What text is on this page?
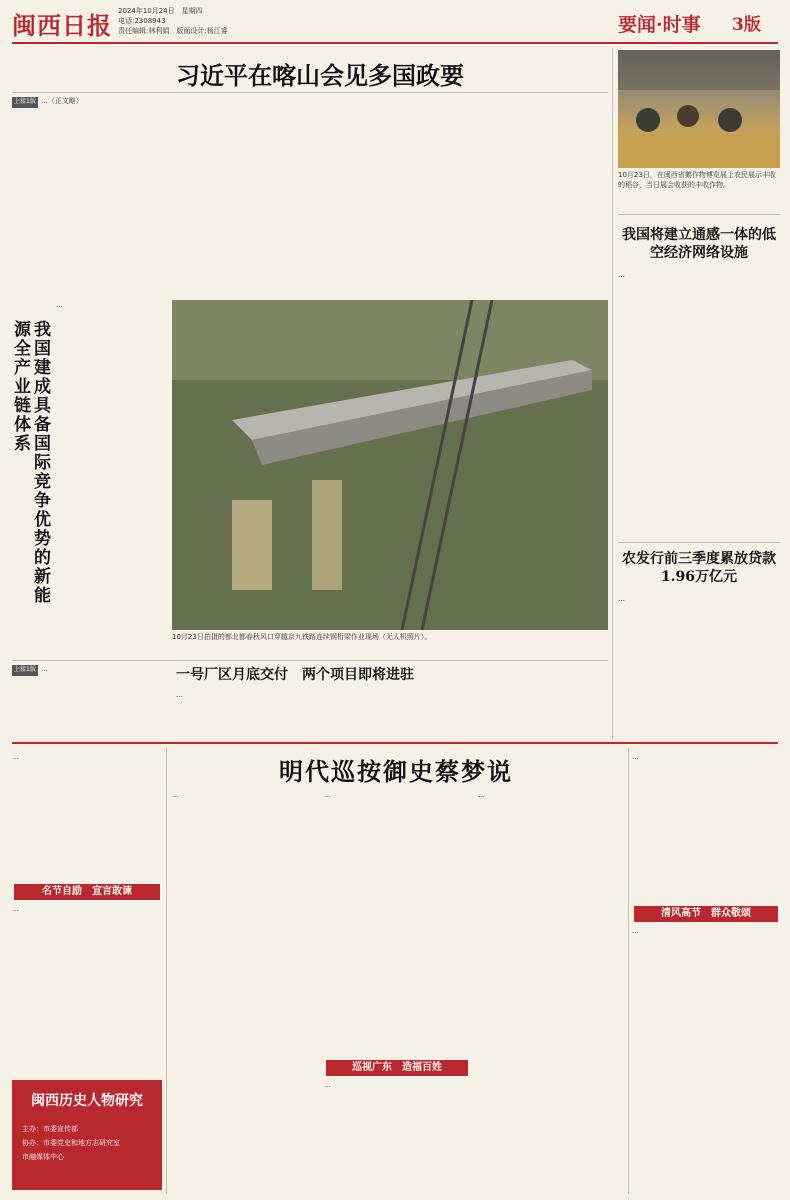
闽西日报 2024年10月24日　星期四
电话:2308943
责任编辑:林利娟　版面设计:杨江睿	要闻·时事 3版
习近平在喀山会见多国政要
上接1版 …（正文略）
10月23日，在闽西省鹅作物博览展上农民展示丰收的稻谷，当日展会收获的丰收作物。
我国将建立通感一体的低空经济网络设施
…
农发行前三季度累放贷款1.96万亿元
…
我国建成具备国际竞争优势的新能源全产业链体系
…
10月23日拍摄的都北都春秋风口穿越京九铁路连续钢桁梁作业现场（无人机照片）。
上接1版 …	一号厂区月底交付　两个项目即将进驻
…
明代巡按御史蔡梦说
…
名节自励　宣言敢谏
…
…
巡视广东　造福百姓
…
…
…
…
清风高节　群众敬颂
…
闽西历史人物研究
主办：市委宣传部
协办：市委党史和地方志研究室
市融媒体中心
